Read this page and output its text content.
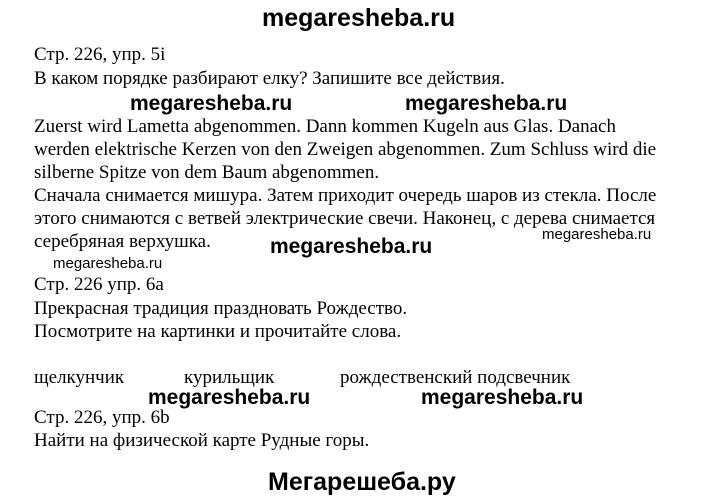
megaresheba.ru
Стр. 226, упр. 5i
В каком порядке разбирают елку? Запишите все действия.
megaresheba.ru	megaresheba.ru
Zuerst wird Lametta abgenommen. Dann kommen Kugeln aus Glas. Danach
werden elektrische Kerzen von den Zweigen abgenommen. Zum Schluss wird die
silberne Spitze von dem Baum abgenommen.
Сначала снимается мишура. Затем приходит очередь шаров из стекла. После
этого снимаются с ветвей электрические свечи. Наконец, с дерева снимается
серебряная верхушка.	megaresheba.ru
megaresheba.ru
megaresheba.ru
Стр. 226 упр. 6а
Прекрасная традиция праздновать Рождество.
Посмотрите на картинки и прочитайте слова.
щелкунчик	курильщик	рождественский подсвечник
megaresheba.ru	megaresheba.ru
Стр. 226, упр. 6b
Найти на физической карте Рудные горы.
Мегарешеба.ру
